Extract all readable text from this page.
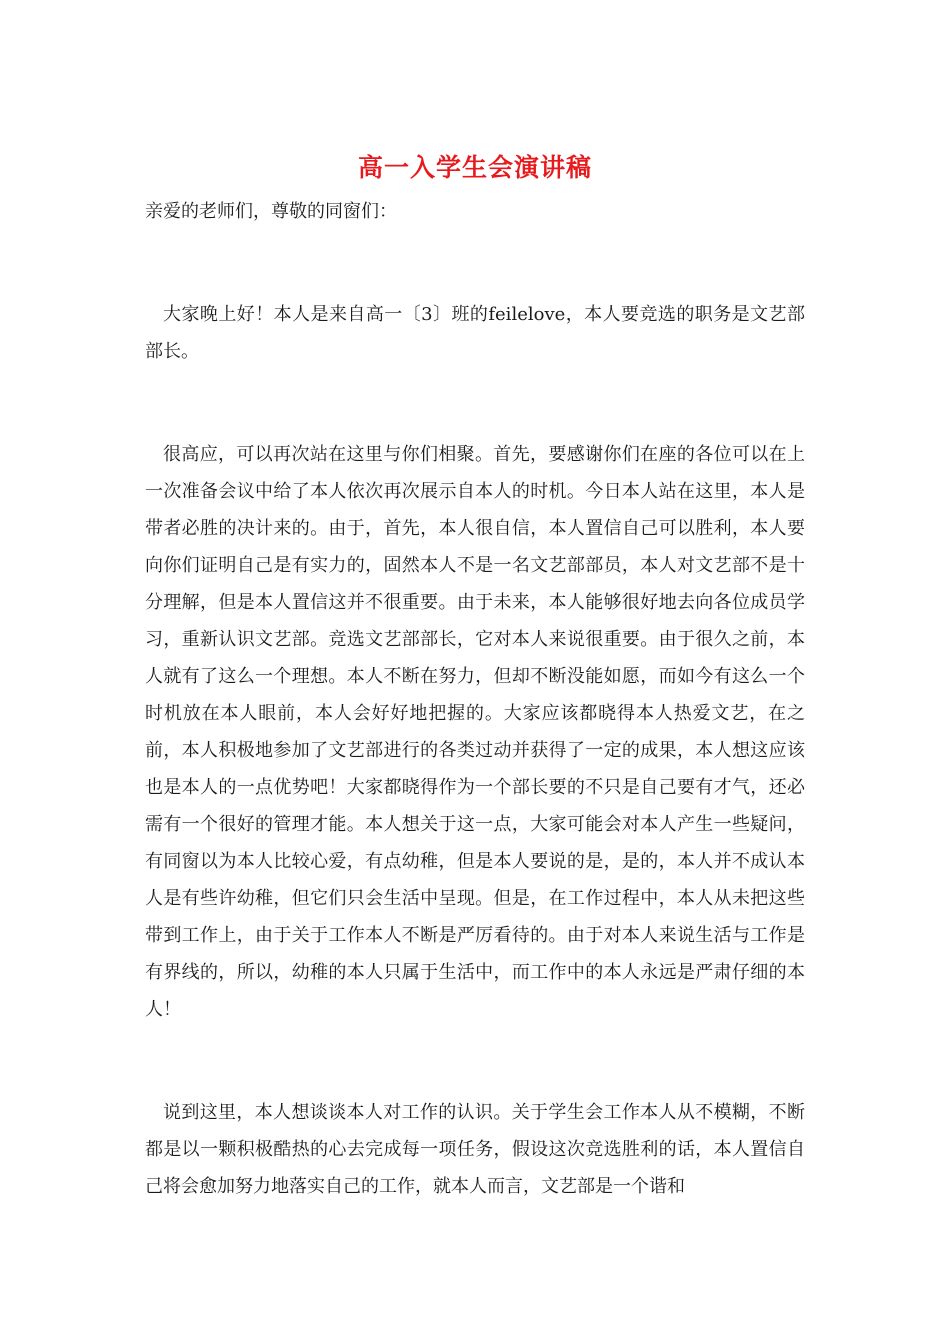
高一入学生会演讲稿
亲爱的老师们，尊敬的同窗们：

大家晚上好！本人是来自高一〔3〕班的feilelove，本人要竞选的职务是文艺部部长。

很高应，可以再次站在这里与你们相聚。首先，要感谢你们在座的各位可以在上一次准备会议中给了本人依次再次展示自本人的时机。今日本人站在这里，本人是带者必胜的决计来的。由于，首先，本人很自信，本人置信自己可以胜利，本人要向你们证明自己是有实力的，固然本人不是一名文艺部部员，本人对文艺部不是十分理解，但是本人置信这并不很重要。由于未来，本人能够很好地去向各位成员学习，重新认识文艺部。竞选文艺部部长，它对本人来说很重要。由于很久之前，本人就有了这么一个理想。本人不断在努力，但却不断没能如愿，而如今有这么一个时机放在本人眼前，本人会好好地把握的。大家应该都晓得本人热爱文艺，在之前，本人积极地参加了文艺部进行的各类过动并获得了一定的成果，本人想这应该也是本人的一点优势吧！大家都晓得作为一个部长要的不只是自己要有才气，还必需有一个很好的管理才能。本人想关于这一点，大家可能会对本人产生一些疑问，有同窗以为本人比较心爱，有点幼稚，但是本人要说的是，是的，本人并不成认本人是有些许幼稚，但它们只会生活中呈现。但是，在工作过程中，本人从未把这些带到工作上，由于关于工作本人不断是严厉看待的。由于对本人来说生活与工作是有界线的，所以，幼稚的本人只属于生活中，而工作中的本人永远是严肃仔细的本人！

说到这里，本人想谈谈本人对工作的认识。关于学生会工作本人从不模糊，不断都是以一颗积极酷热的心去完成每一项任务，假设这次竞选胜利的话，本人置信自己将会愈加努力地落实自己的工作，就本人而言，文艺部是一个谐和
